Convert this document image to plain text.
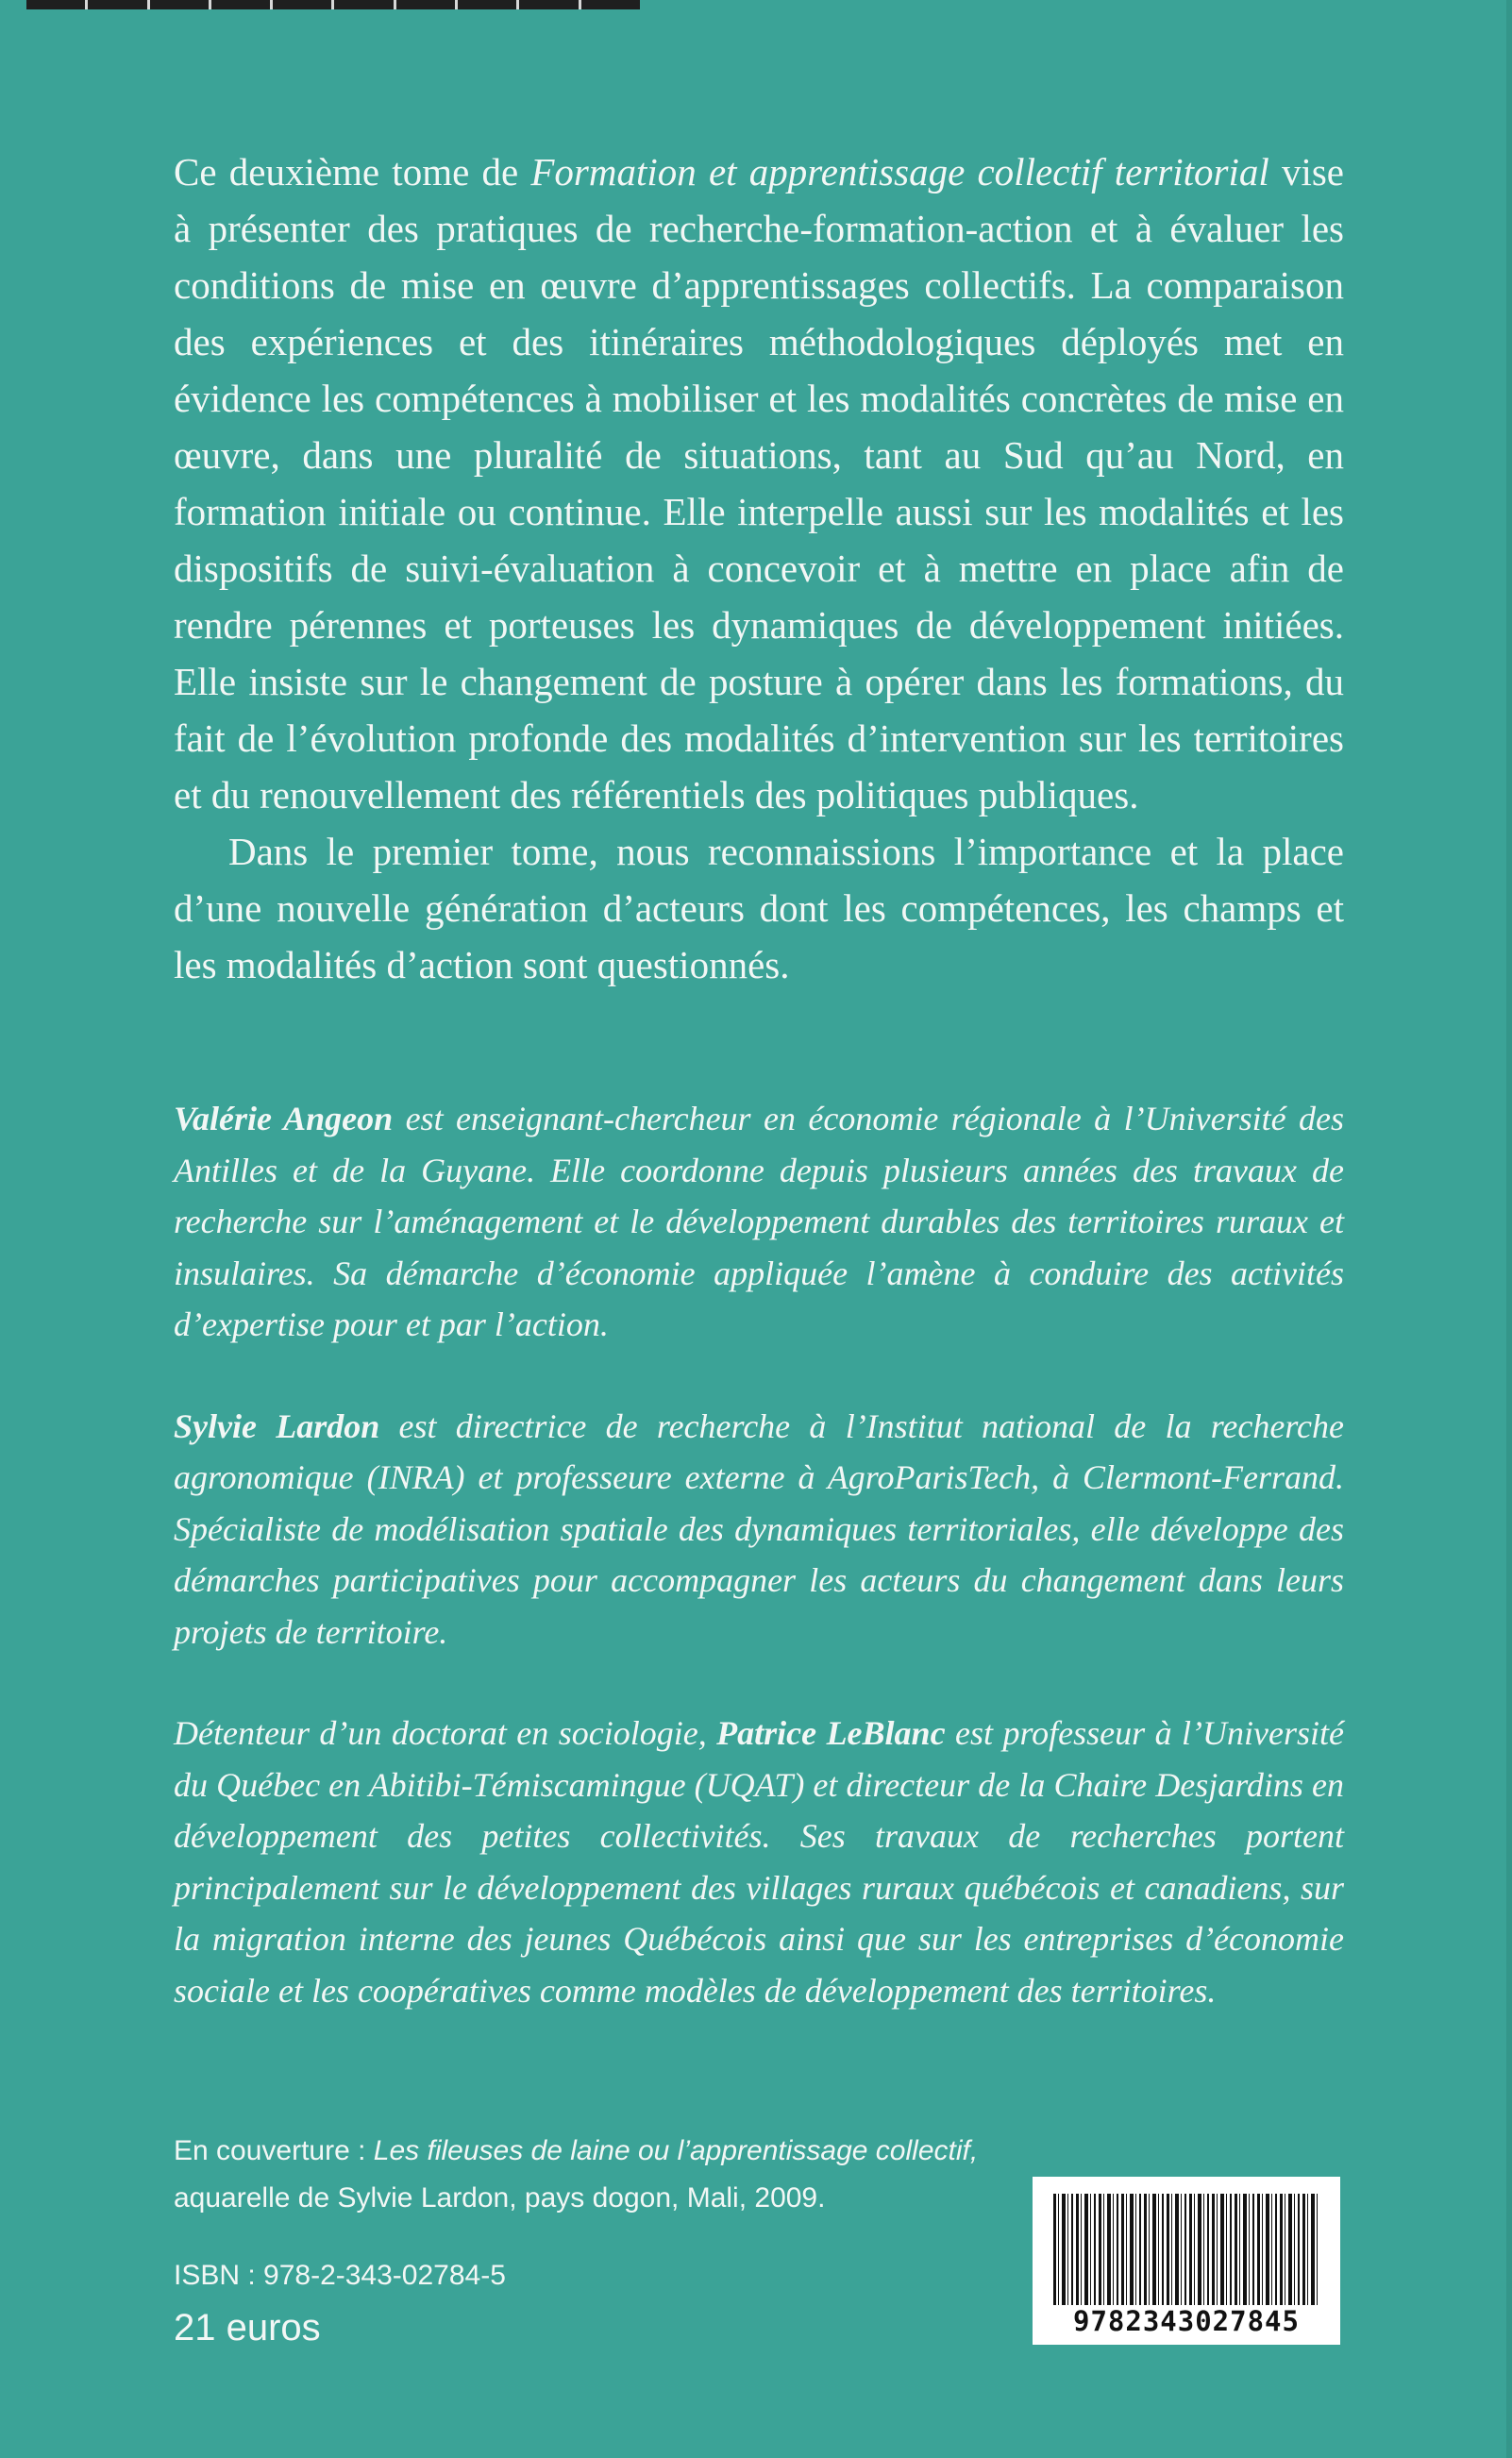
Ce deuxième tome de Formation et apprentissage collectif territorial vise à présenter des pratiques de recherche-formation-action et à évaluer les conditions de mise en œuvre d’apprentissages collectifs. La comparaison des expériences et des itinéraires méthodologiques déployés met en évidence les compétences à mobiliser et les modalités concrètes de mise en œuvre, dans une pluralité de situations, tant au Sud qu’au Nord, en formation initiale ou continue. Elle interpelle aussi sur les modalités et les dispositifs de suivi-évaluation à concevoir et à mettre en place afin de rendre pérennes et porteuses les dynamiques de développement initiées. Elle insiste sur le changement de posture à opérer dans les formations, du fait de l’évolution profonde des modalités d’intervention sur les territoires et du renouvellement des référentiels des politiques publiques.

Dans le premier tome, nous reconnaissions l’importance et la place d’une nouvelle génération d’acteurs dont les compétences, les champs et les modalités d’action sont questionnés.

Valérie Angeon est enseignant-chercheur en économie régionale à l’Université des Antilles et de la Guyane. Elle coordonne depuis plusieurs années des travaux de recherche sur l’aménagement et le développement durables des territoires ruraux et insulaires. Sa démarche d’économie appliquée l’amène à conduire des activités d’expertise pour et par l’action.

Sylvie Lardon est directrice de recherche à l’Institut national de la recherche agronomique (INRA) et professeure externe à AgroParisTech, à Clermont-Ferrand. Spécialiste de modélisation spatiale des dynamiques territoriales, elle développe des démarches participatives pour accompagner les acteurs du changement dans leurs projets de territoire.

Détenteur d’un doctorat en sociologie, Patrice LeBlanc est professeur à l’Université du Québec en Abitibi-Témiscamingue (UQAT) et directeur de la Chaire Desjardins en développement des petites collectivités. Ses travaux de recherches portent principalement sur le développement des villages ruraux québécois et canadiens, sur la migration interne des jeunes Québécois ainsi que sur les entreprises d’économie sociale et les coopératives comme modèles de développement des territoires.

En couverture : Les fileuses de laine ou l’apprentissage collectif,
aquarelle de Sylvie Lardon, pays dogon, Mali, 2009.
ISBN : 978-2-343-02784-5
21 euros	9782343027845
